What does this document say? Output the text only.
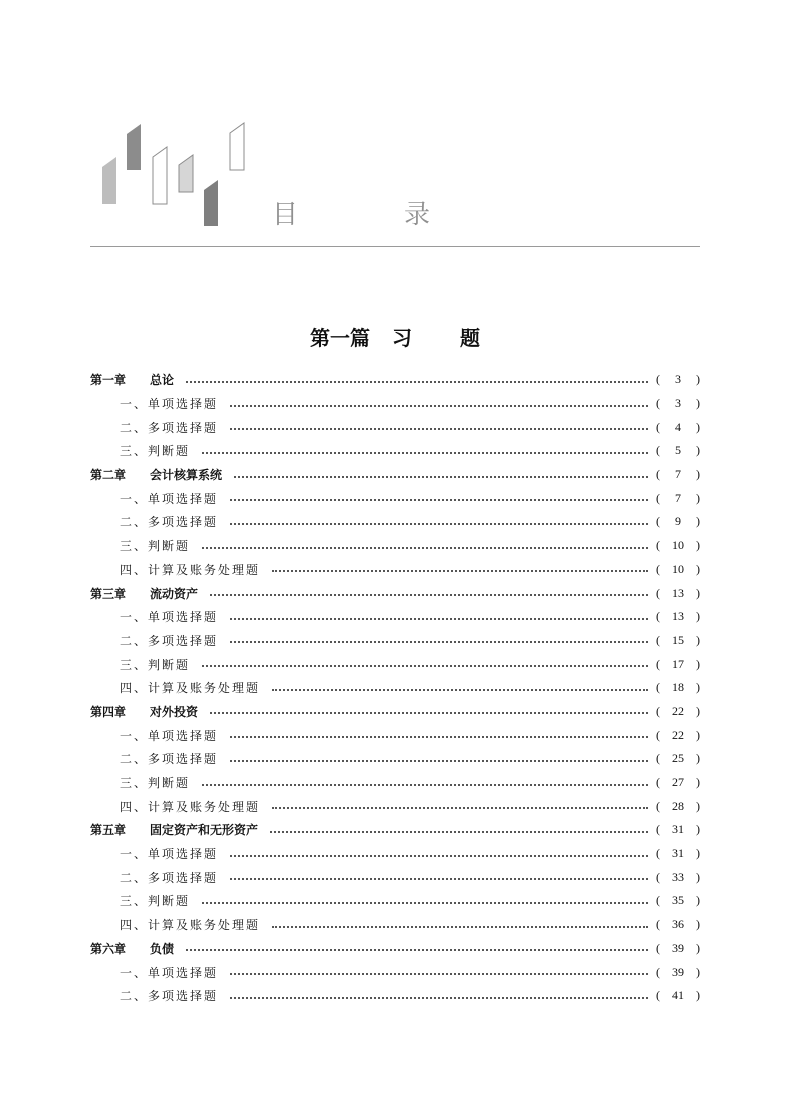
目　录
第一篇 习 题
第一章	总论	(	3	)
一、单项选择题	(	3	)
二、多项选择题	(	4	)
三、判断题	(	5	)
第二章	会计核算系统	(	7	)
一、单项选择题	(	7	)
二、多项选择题	(	9	)
三、判断题	(	10	)
四、计算及账务处理题	(	10	)
第三章	流动资产	(	13	)
一、单项选择题	(	13	)
二、多项选择题	(	15	)
三、判断题	(	17	)
四、计算及账务处理题	(	18	)
第四章	对外投资	(	22	)
一、单项选择题	(	22	)
二、多项选择题	(	25	)
三、判断题	(	27	)
四、计算及账务处理题	(	28	)
第五章	固定资产和无形资产	(	31	)
一、单项选择题	(	31	)
二、多项选择题	(	33	)
三、判断题	(	35	)
四、计算及账务处理题	(	36	)
第六章	负债	(	39	)
一、单项选择题	(	39	)
二、多项选择题	(	41	)
